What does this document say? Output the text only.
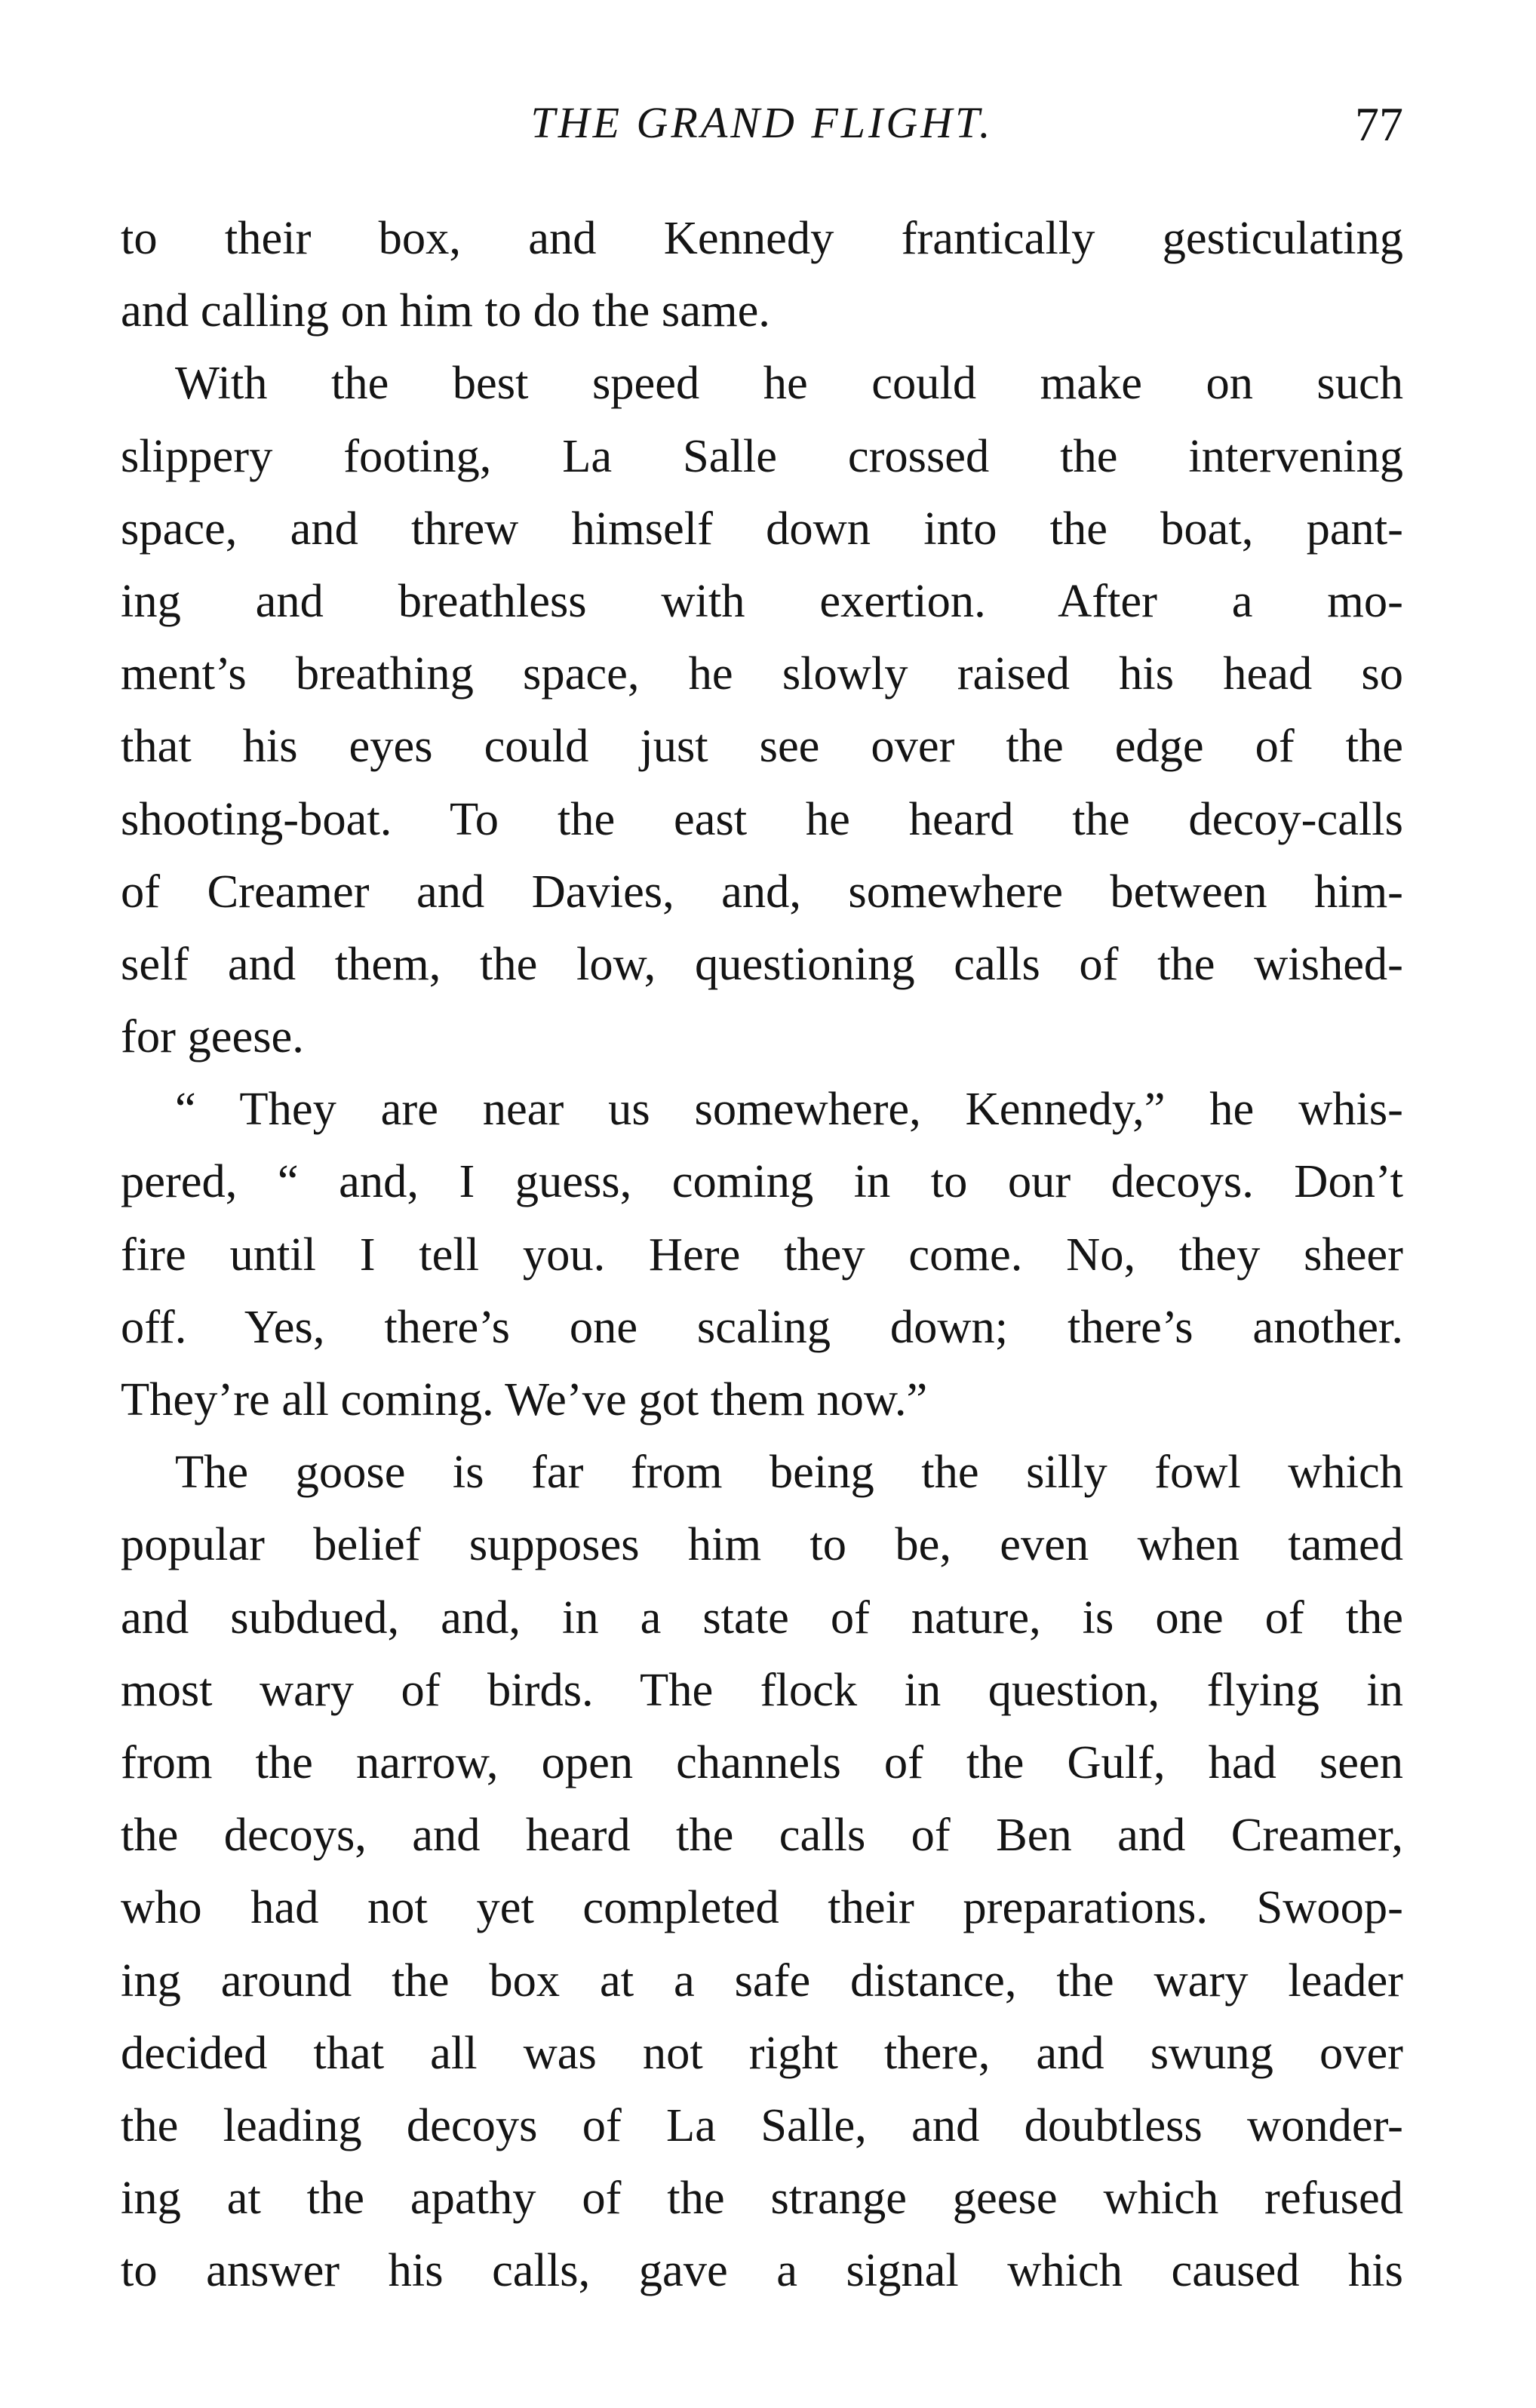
THE GRAND FLIGHT.	77
to their box, and Kennedy frantically gesticulating
and calling on him to do the same.
With the best speed he could make on such
slippery footing, La Salle crossed the intervening
space, and threw himself down into the boat, pant-
ing and breathless with exertion. After a mo-
ment’s breathing space, he slowly raised his head so
that his eyes could just see over the edge of the
shooting-boat. To the east he heard the decoy-calls
of Creamer and Davies, and, somewhere between him-
self and them, the low, questioning calls of the wished-
for geese.
“ They are near us somewhere, Kennedy,” he whis-
pered, “ and, I guess, coming in to our decoys. Don’t
fire until I tell you. Here they come. No, they sheer
off. Yes, there’s one scaling down; there’s another.
They’re all coming. We’ve got them now.”
The goose is far from being the silly fowl which
popular belief supposes him to be, even when tamed
and subdued, and, in a state of nature, is one of the
most wary of birds. The flock in question, flying in
from the narrow, open channels of the Gulf, had seen
the decoys, and heard the calls of Ben and Creamer,
who had not yet completed their preparations. Swoop-
ing around the box at a safe distance, the wary leader
decided that all was not right there, and swung over
the leading decoys of La Salle, and doubtless wonder-
ing at the apathy of the strange geese which refused
to answer his calls, gave a signal which caused his
